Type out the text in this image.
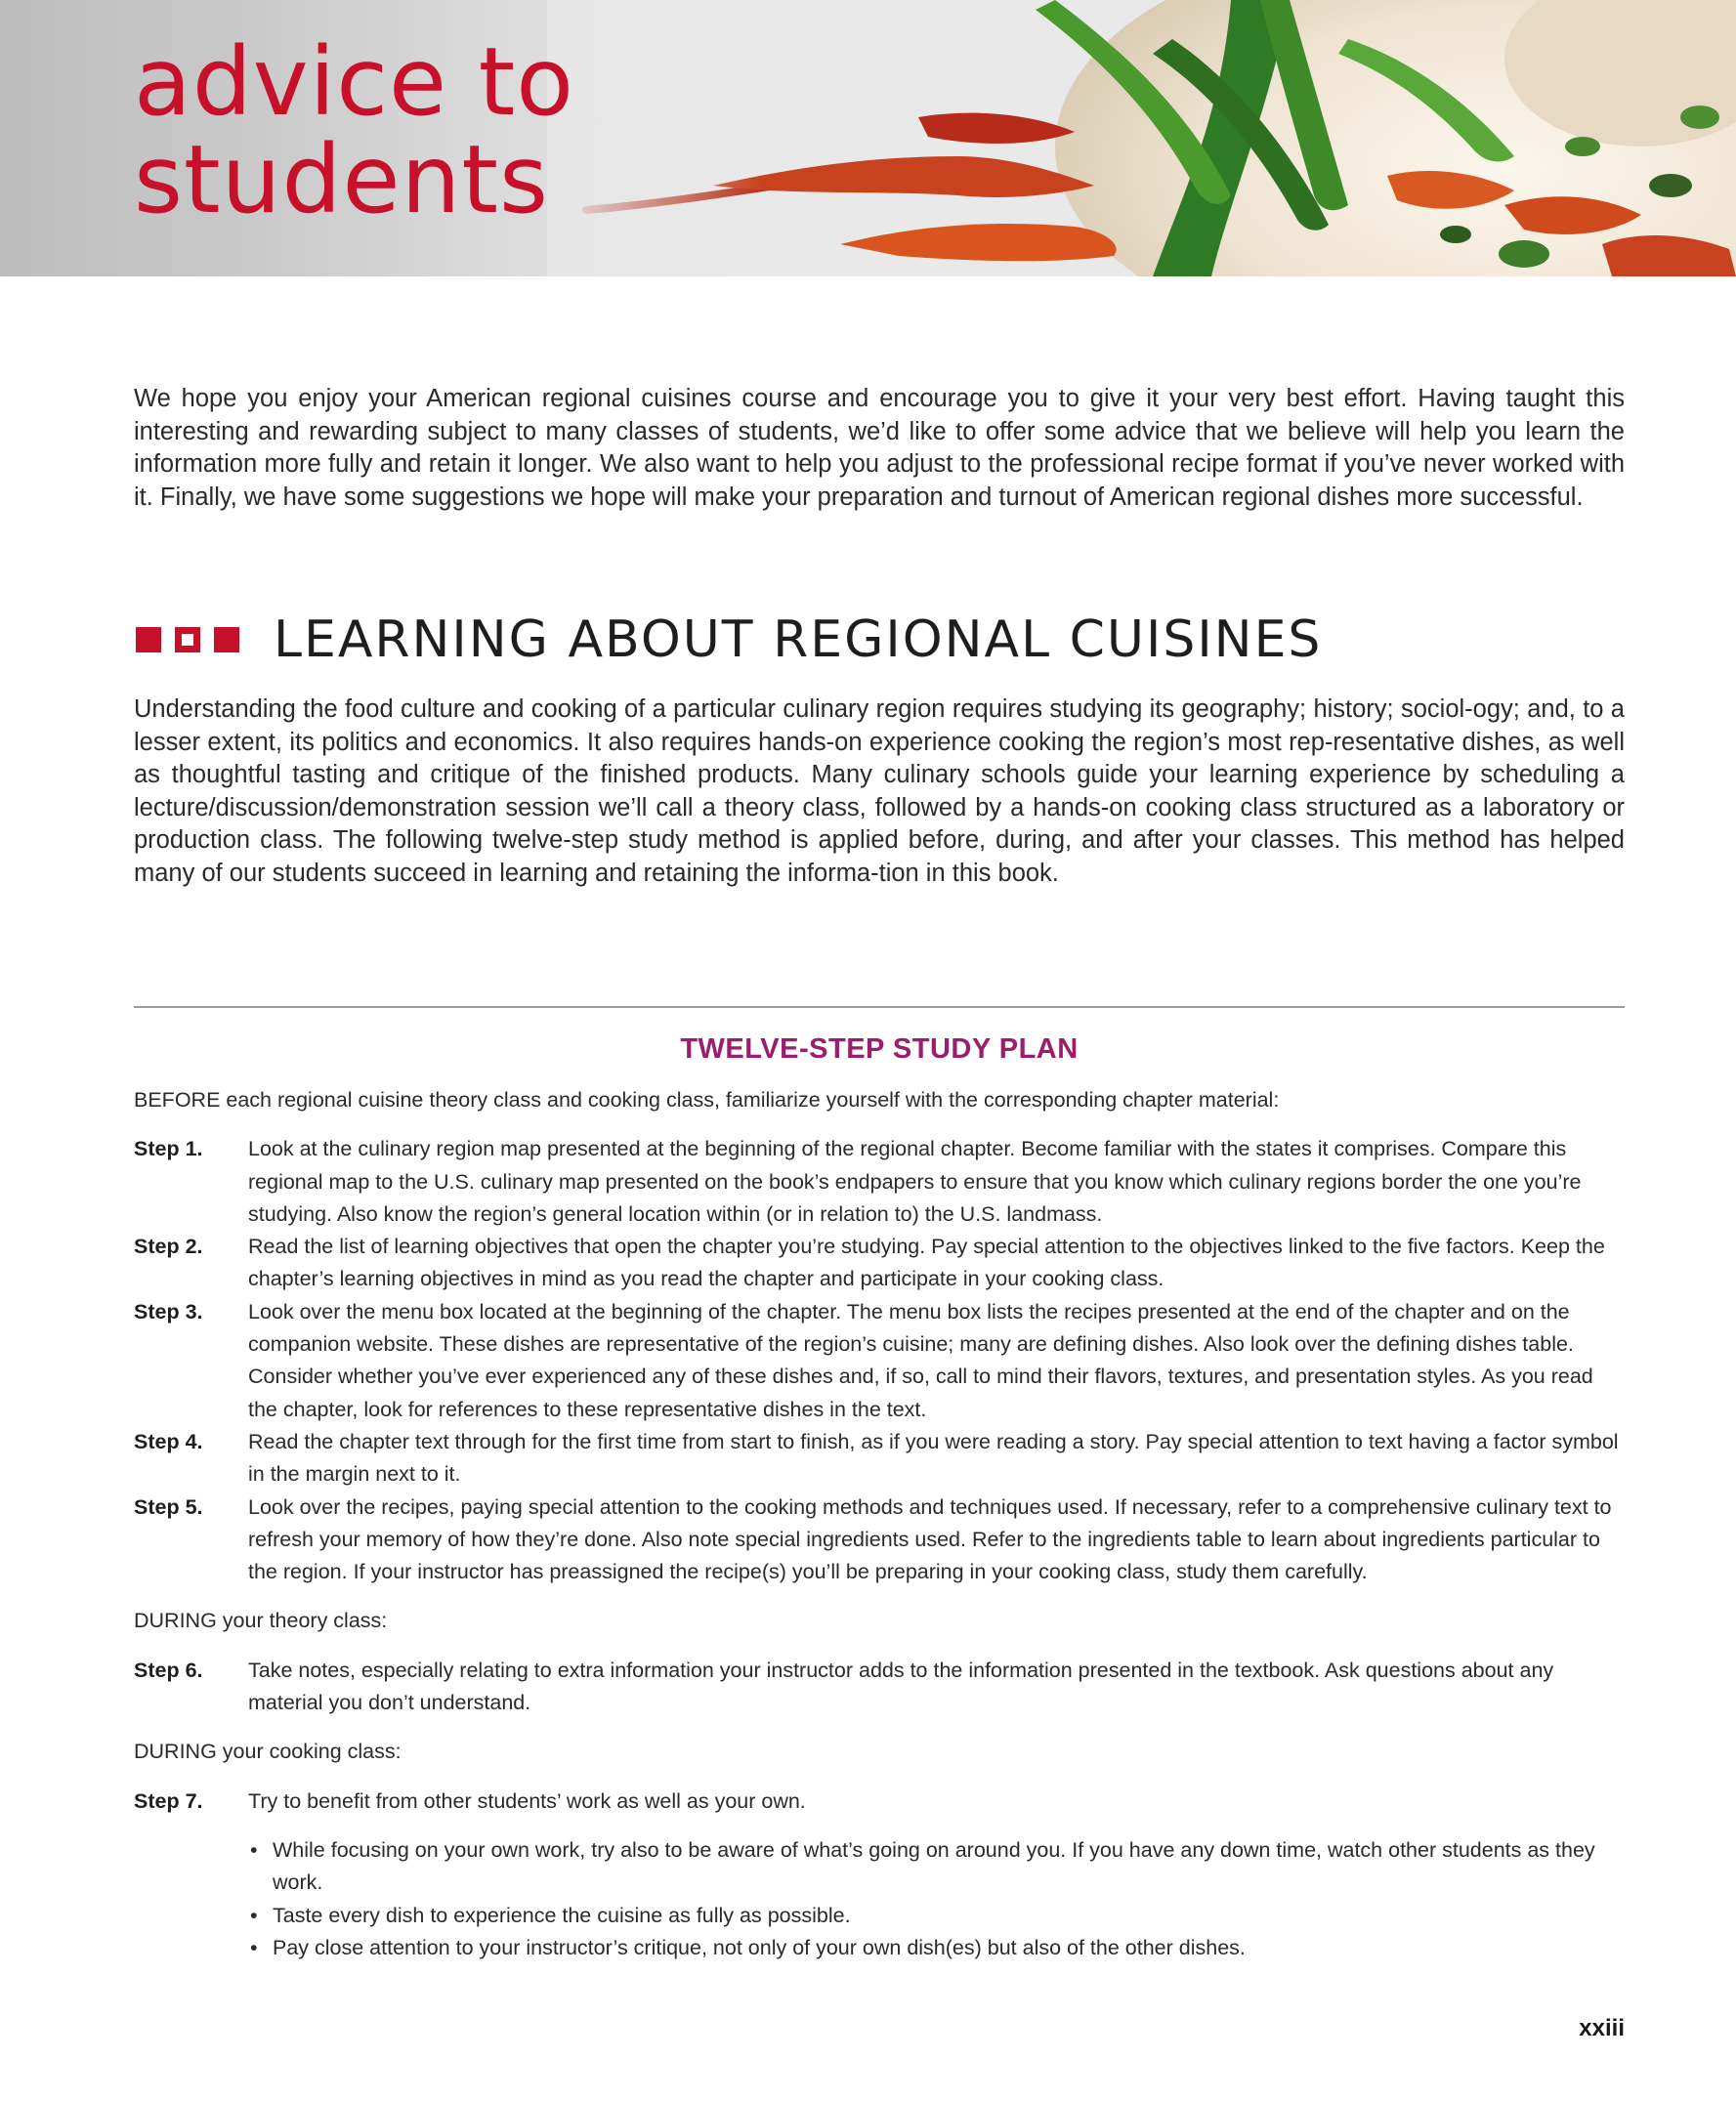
advice to
students

We hope you enjoy your American regional cuisines course and encourage you to give it your very best effort. Having taught this interesting and rewarding subject to many classes of students, we’d like to offer some advice that we believe will help you learn the information more fully and retain it longer. We also want to help you adjust to the professional recipe format if you’ve never worked with it. Finally, we have some suggestions we hope will make your preparation and turnout of American regional dishes more successful.

LEARNING ABOUT REGIONAL CUISINES

Understanding the food culture and cooking of a particular culinary region requires studying its geography; history; sociol-ogy; and, to a lesser extent, its politics and economics. It also requires hands-on experience cooking the region’s most rep-resentative dishes, as well as thoughtful tasting and critique of the finished products. Many culinary schools guide your learning experience by scheduling a lecture/discussion/demonstration session we’ll call a theory class, followed by a hands-on cooking class structured as a laboratory or production class. The following twelve-step study method is applied before, during, and after your classes. This method has helped many of our students succeed in learning and retaining the informa-tion in this book.

TWELVE-STEP STUDY PLAN

BEFORE each regional cuisine theory class and cooking class, familiarize yourself with the corresponding chapter material:

Step 1.	Look at the culinary region map presented at the beginning of the regional chapter. Become familiar with the states it comprises. Compare this regional map to the U.S. culinary map presented on the book’s endpapers to ensure that you know which culinary regions border the one you’re studying. Also know the region’s general location within (or in relation to) the U.S. landmass.
Step 2.	Read the list of learning objectives that open the chapter you’re studying. Pay special attention to the objectives linked to the five factors. Keep the chapter’s learning objectives in mind as you read the chapter and participate in your cooking class.
Step 3.	Look over the menu box located at the beginning of the chapter. The menu box lists the recipes presented at the end of the chapter and on the companion website. These dishes are representative of the region’s cuisine; many are defining dishes. Also look over the defining dishes table. Consider whether you’ve ever experienced any of these dishes and, if so, call to mind their flavors, textures, and presentation styles. As you read the chapter, look for references to these representative dishes in the text.
Step 4.	Read the chapter text through for the first time from start to finish, as if you were reading a story. Pay special attention to text having a factor symbol in the margin next to it.
Step 5.	Look over the recipes, paying special attention to the cooking methods and techniques used. If necessary, refer to a comprehensive culinary text to refresh your memory of how they’re done. Also note special ingredients used. Refer to the ingredients table to learn about ingredients particular to the region. If your instructor has preassigned the recipe(s) you’ll be preparing in your cooking class, study them carefully.

DURING your theory class:

Step 6.	Take notes, especially relating to extra information your instructor adds to the information presented in the textbook. Ask questions about any material you don’t understand.

DURING your cooking class:

Step 7.	Try to benefit from other students’ work as well as your own.
• While focusing on your own work, try also to be aware of what’s going on around you. If you have any down time, watch other students as they work.
• Taste every dish to experience the cuisine as fully as possible.
• Pay close attention to your instructor’s critique, not only of your own dish(es) but also of the other dishes.
xxiii
